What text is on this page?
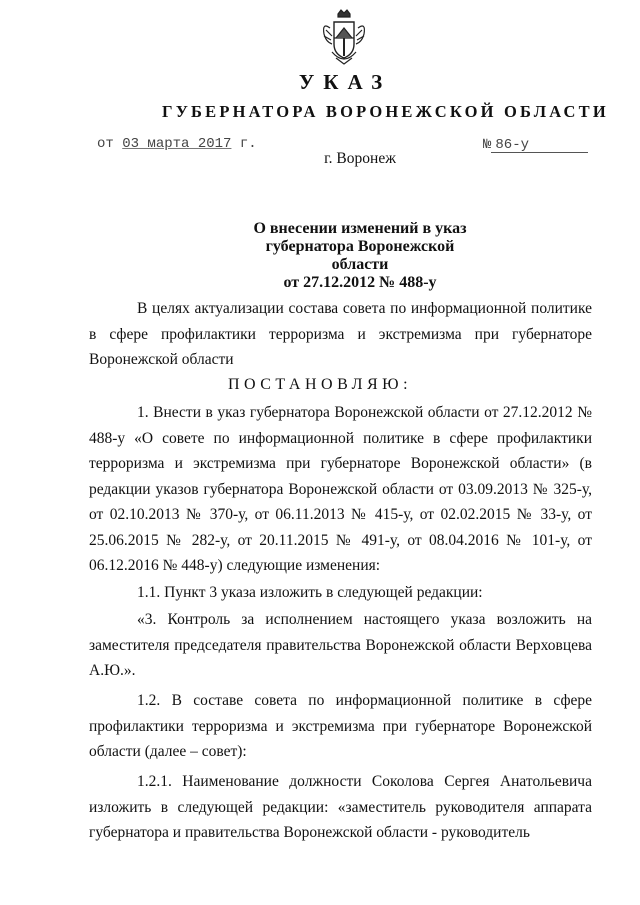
УКАЗ
ГУБЕРНАТОРА ВОРОНЕЖСКОЙ ОБЛАСТИ
от 03 марта 2017 г.	№ 86-у
г. Воронеж
О внесении изменений в указ
губернатора Воронежской области
от 27.12.2012 № 488-у

В целях актуализации состава совета по информационной политике в сфере профилактики терроризма и экстремизма при губернаторе Воронежской области

ПОСТАНОВЛЯЮ:

1. Внести в указ губернатора Воронежской области от 27.12.2012 № 488-у «О совете по информационной политике в сфере профилактики терроризма и экстремизма при губернаторе Воронежской области» (в редакции указов губернатора Воронежской области от 03.09.2013 № 325-у, от 02.10.2013 № 370-у, от 06.11.2013 № 415-у, от 02.02.2015 № 33-у, от 25.06.2015 № 282-у, от 20.11.2015 № 491-у, от 08.04.2016 № 101-у, от 06.12.2016 № 448-у) следующие изменения:

1.1. Пункт 3 указа изложить в следующей редакции:

«3. Контроль за исполнением настоящего указа возложить на заместителя председателя правительства Воронежской области Верховцева А.Ю.».

1.2. В составе совета по информационной политике в сфере профилактики терроризма и экстремизма при губернаторе Воронежской области (далее – совет):

1.2.1. Наименование должности Соколова Сергея Анатольевича изложить в следующей редакции: «заместитель руководителя аппарата губернатора и правительства Воронежской области - руководитель
